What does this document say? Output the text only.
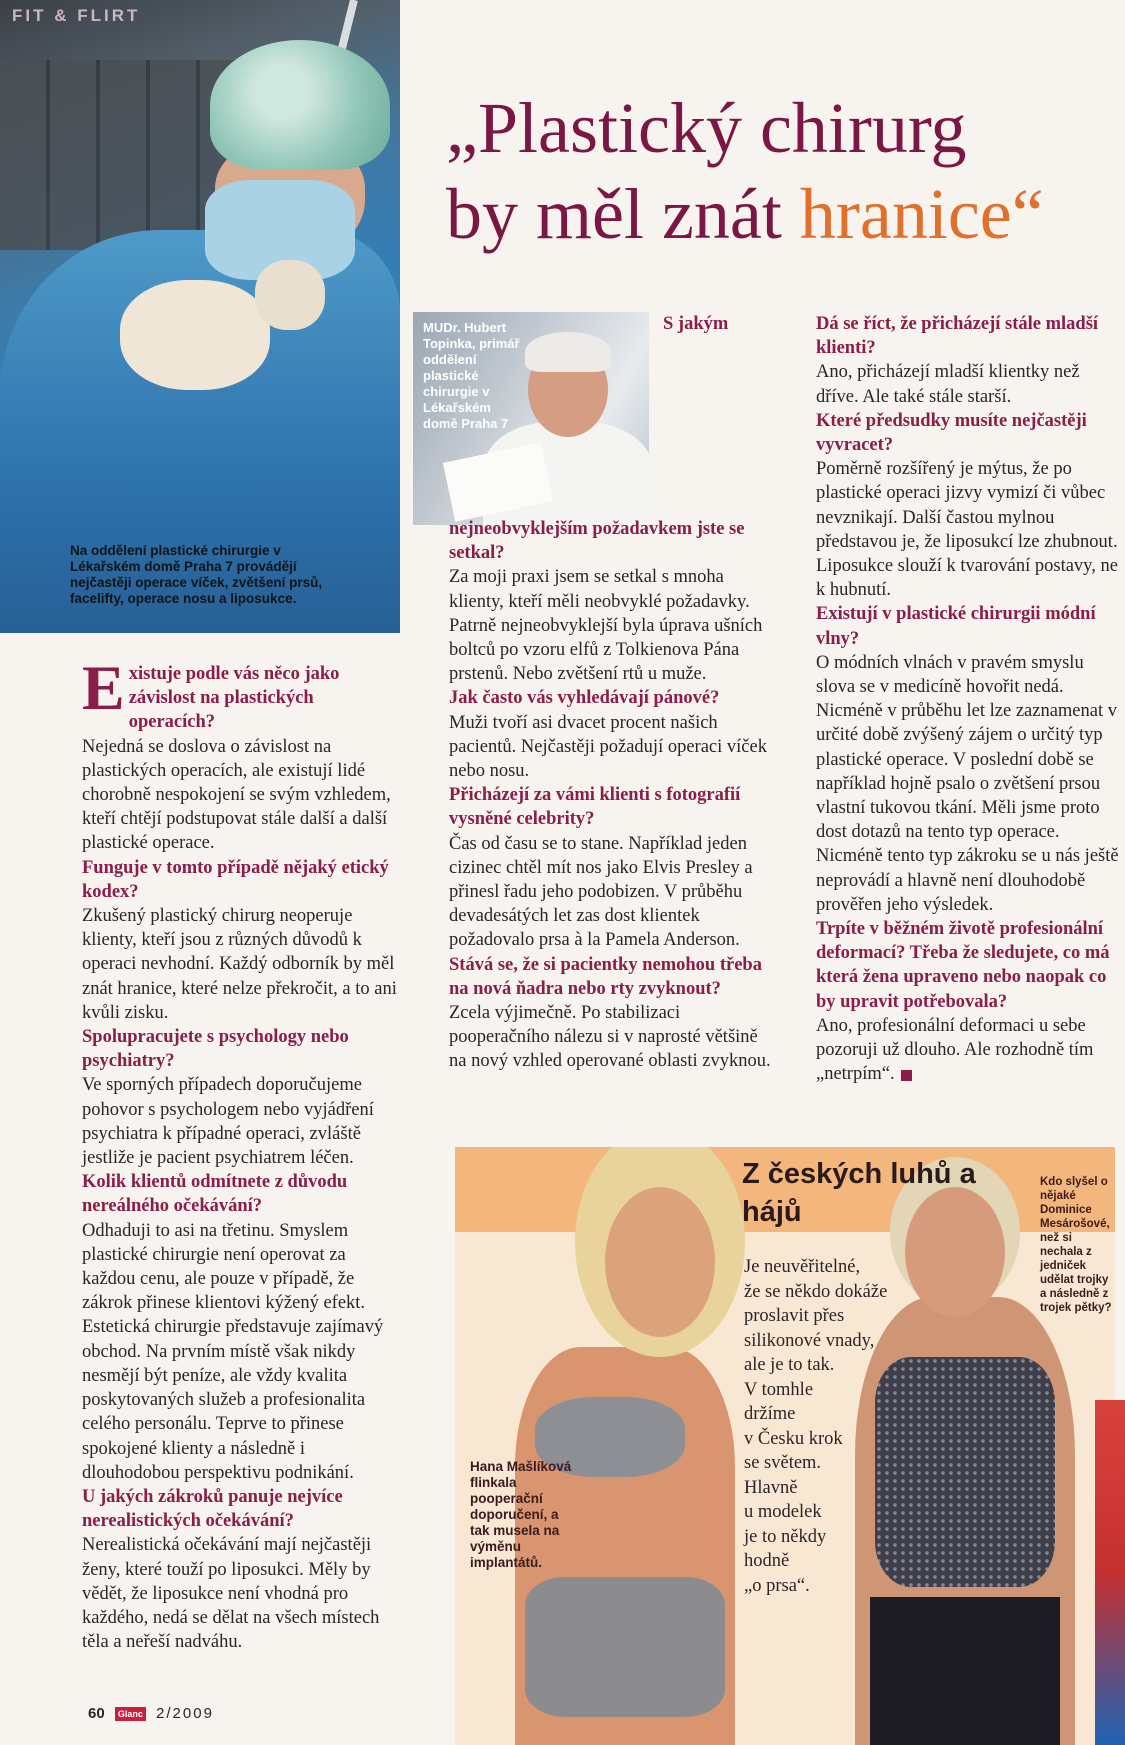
FIT & FLIRT
Na oddělení plastické chirurgie v Lékařském domě Praha 7 provádějí nejčastěji operace víček, zvětšení prsů, facelifty, operace nosu a liposukce.
„Plastický chirurg
by měl znát hranice“
MUDr. Hubert Topinka, primář oddělení plastické chirurgie v Lékařském domě Praha 7

Existuje podle vás něco jako závislost na plastických operacích?

Nejedná se doslova o závislost na plastických operacích, ale existují lidé chorobně nespokojení se svým vzhledem, kteří chtějí podstupovat stále další a další plastické operace.

Funguje v tomto případě nějaký etický kodex?

Zkušený plastický chirurg neoperuje klienty, kteří jsou z různých důvodů k operaci nevhodní. Každý odborník by měl znát hranice, které nelze překročit, a to ani kvůli zisku.

Spolupracujete s psychology nebo psychiatry?

Ve sporných případech doporučujeme pohovor s psychologem nebo vyjádření psychiatra k případné operaci, zvláště jestliže je pacient psychiatrem léčen.

Kolik klientů odmítnete z důvodu nereálného očekávání?

Odhaduji to asi na třetinu. Smyslem plastické chirurgie není operovat za každou cenu, ale pouze v případě, že zákrok přinese klientovi kýžený efekt. Estetická chirurgie představuje zajímavý obchod. Na prvním místě však nikdy nesmějí být peníze, ale vždy kvalita poskytovaných služeb a profesionalita celého personálu. Teprve to přinese spokojené klienty a následně i dlouhodobou perspektivu podnikání.

U jakých zákroků panuje nejvíce nerealistických očekávání?

Nerealistická očekávání mají nejčastěji ženy, které touží po liposukci. Měly by vědět, že liposukce není vhodná pro každého, nedá se dělat na všech místech těla a neřeší nadváhu.

S jakým nejneobvyklejším požadavkem jste se setkal?

Za moji praxi jsem se setkal s mnoha klienty, kteří měli neobvyklé požadavky. Patrně nejneobvyklejší byla úprava ušních boltců po vzoru elfů z Tolkienova Pána prstenů. Nebo zvětšení rtů u muže.

Jak často vás vyhledávají pánové?

Muži tvoří asi dvacet procent našich pacientů. Nejčastěji požadují operaci víček nebo nosu.

Přicházejí za vámi klienti s fotografií vysněné celebrity?

Čas od času se to stane. Například jeden cizinec chtěl mít nos jako Elvis Presley a přinesl řadu jeho podobizen. V průběhu devadesátých let zas dost klientek požadovalo prsa à la Pamela Anderson.

Stává se, že si pacientky nemohou třeba na nová ňadra nebo rty zvyknout?

Zcela výjimečně. Po stabilizaci pooperačního nálezu si v naprosté většině na nový vzhled operované oblasti zvyknou.

Dá se říct, že přicházejí stále mladší klienti?

Ano, přicházejí mladší klientky než dříve. Ale také stále starší.

Které předsudky musíte nejčastěji vyvracet?

Poměrně rozšířený je mýtus, že po plastické operaci jizvy vymizí či vůbec nevznikají. Další častou mylnou představou je, že liposukcí lze zhubnout. Liposukce slouží k tvarování postavy, ne k hubnutí.

Existují v plastické chirurgii módní vlny?

O módních vlnách v pravém smyslu slova se v medicíně hovořit nedá. Nicméně v průběhu let lze zaznamenat v určité době zvýšený zájem o určitý typ plastické operace. V poslední době se například hojně psalo o zvětšení prsou vlastní tukovou tkání. Měli jsme proto dost dotazů na tento typ operace. Nicméně tento typ zákroku se u nás ještě neprovádí a hlavně není dlouhodobě prověřen jeho výsledek.

Trpíte v běžném životě profesionální deformací? Třeba že sledujete, co má která žena upraveno nebo naopak co by upravit potřebovala?

Ano, profesionální deformaci u sebe pozoruji už dlouho. Ale rozhodně tím „netrpím“.

Z českých luhů a hájů
Je neuvěřitelné,
že se někdo dokáže
proslavit přes
silikonové vnady,
ale je to tak.
V tomhle
držíme
v Česku krok
se světem.
Hlavně
u modelek
je to někdy
hodně
„o prsa“.
Hana Mašlíková flinkala pooperační doporučení, a tak musela na výměnu implantátů.
Kdo slyšel o nějaké Dominice Mesárošové, než si nechala z jedniček udělat trojky a následně z trojek pětky?
60 Glanc 2/2009
